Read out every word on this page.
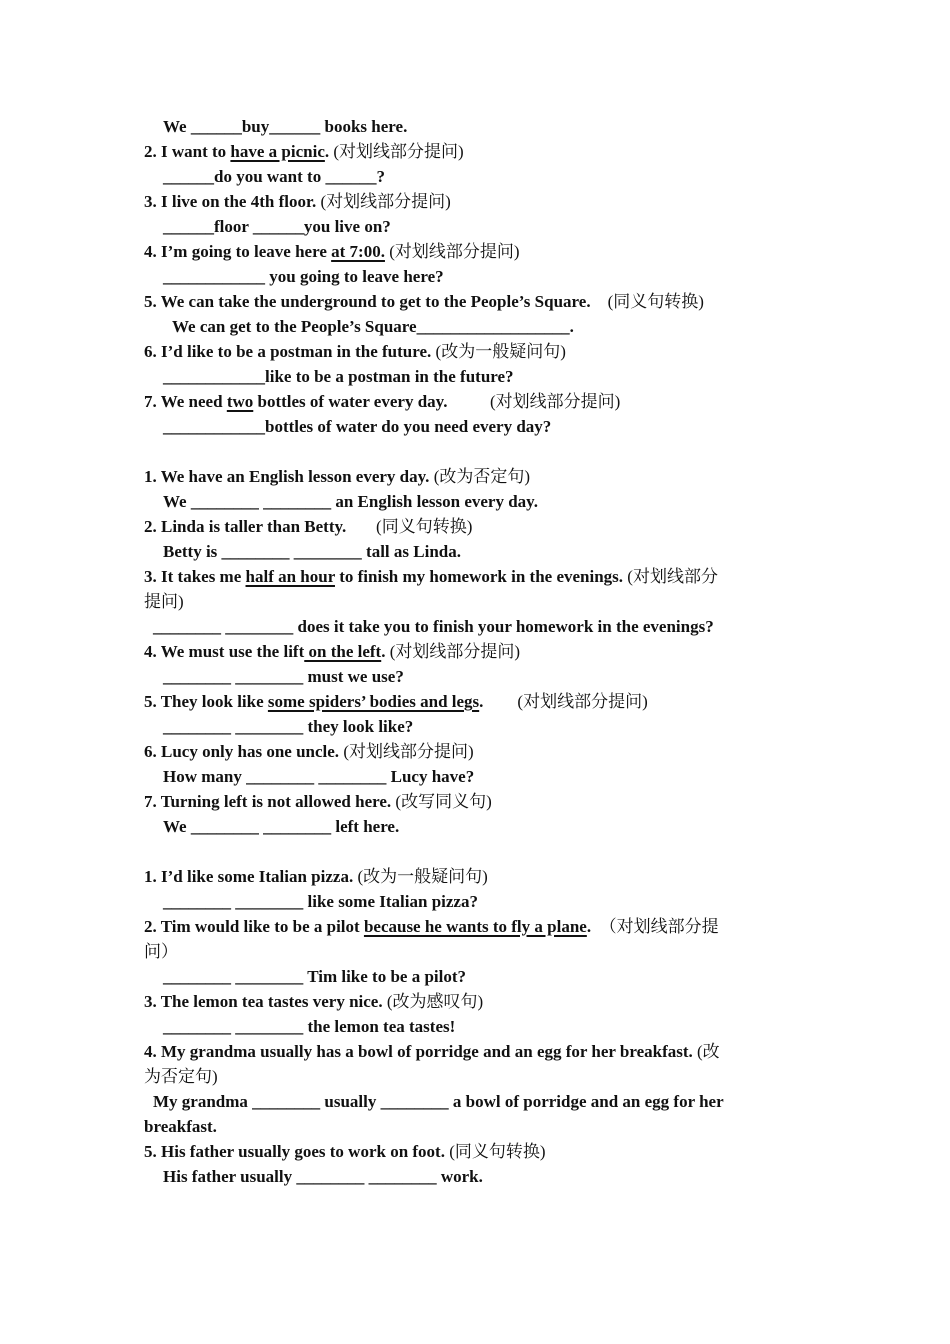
We ______buy______ books here.
2. I want to have a picnic. (对划线部分提问)
______do you want to ______?
3. I live on the 4th floor. (对划线部分提问)
______floor ______you live on?
4. I’m going to leave here at 7:00. (对划线部分提问)
____________ you going to leave here?
5. We can take the underground to get to the People’s Square. (同义句转换)
We can get to the People’s Square__________________.
6. I’d like to be a postman in the future. (改为一般疑问句)
____________like to be a postman in the future?
7. We need two bottles of water every day.	(对划线部分提问)
____________bottles of water do you need every day?
1. We have an English lesson every day. (改为否定句)
We ________ ________ an English lesson every day.
2. Linda is taller than Betty. (同义句转换)
Betty is ________ ________ tall as Linda.
3. It takes me half an hour to finish my homework in the evenings. (对划线部分
提问)
________ ________ does it take you to finish your homework in the evenings?
4. We must use the lift on the left. (对划线部分提问)
________ ________ must we use?
5. They look like some spiders’ bodies and legs. (对划线部分提问)
________ ________ they look like?
6. Lucy only has one uncle. (对划线部分提问)
How many ________ ________ Lucy have?
7. Turning left is not allowed here. (改写同义句)
We ________ ________ left here.
1. I’d like some Italian pizza. (改为一般疑问句)
________ ________ like some Italian pizza?
2. Tim would like to be a pilot because he wants to fly a plane. （对划线部分提
问）
________ ________ Tim like to be a pilot?
3. The lemon tea tastes very nice. (改为感叹句)
________ ________ the lemon tea tastes!
4. My grandma usually has a bowl of porridge and an egg for her breakfast. (改
为否定句)
My grandma ________ usually ________ a bowl of porridge and an egg for her
breakfast.
5. His father usually goes to work on foot. (同义句转换)
His father usually ________ ________ work.
